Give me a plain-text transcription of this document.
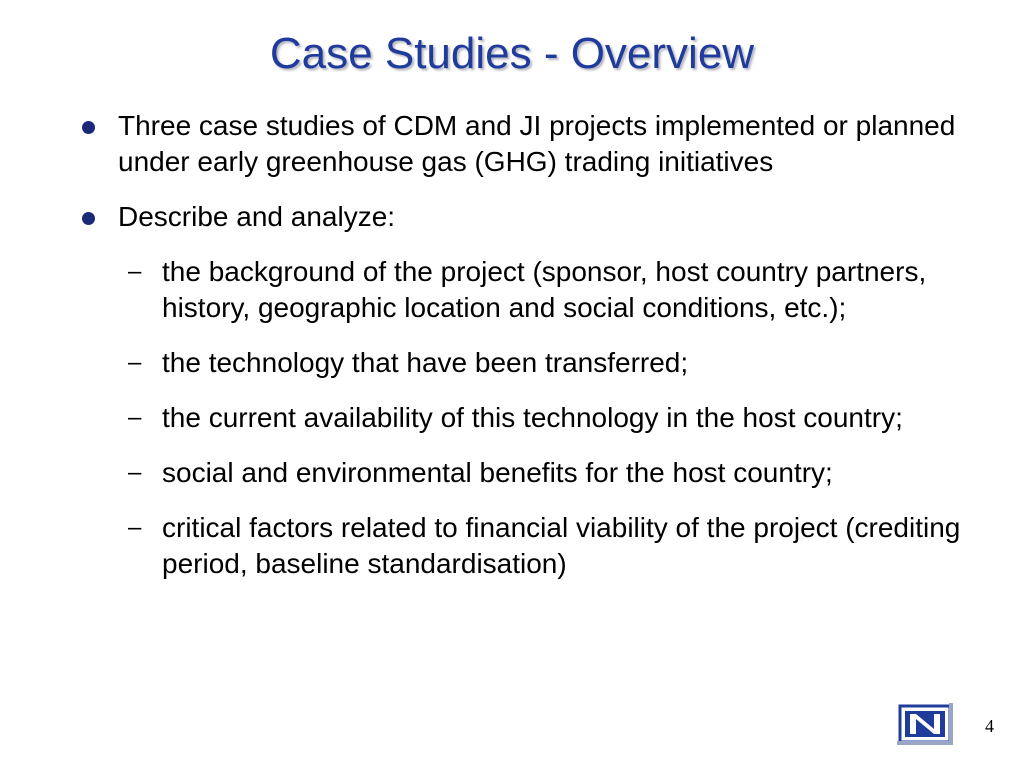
Case Studies - Overview
Three case studies of CDM and JI projects implemented or planned under early greenhouse gas (GHG) trading initiatives
Describe and analyze:
– the background of the project (sponsor, host country partners, history, geographic location and social conditions, etc.);
– the technology that have been transferred;
– the current availability of this technology in the host country;
– social and environmental benefits for the host country;
– critical factors related to financial viability of the project (crediting period, baseline standardisation)
4
